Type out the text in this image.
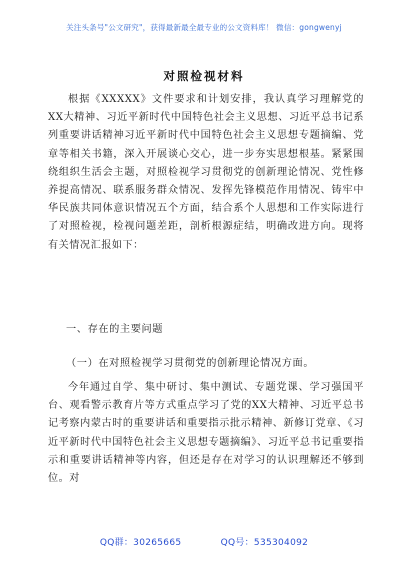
关注头条号"公文研究"，获得最新最全最专业的公文资料库！ 微信：gongwenyj
对照检视材料

根据《XXXXX》文件要求和计划安排，我认真学习理解党的XX大精神、习近平新时代中国特色社会主义思想、习近平总书记系列重要讲话精神习近平新时代中国特色社会主义思想专题摘编、党章等相关书籍，深入开展谈心交心，进一步夯实思想根基。紧紧围绕组织生活会主题，对照检视学习贯彻党的创新理论情况、党性修养提高情况、联系服务群众情况、发挥先锋模范作用情况、铸牢中华民族共同体意识情况五个方面，结合系个人思想和工作实际进行了对照检视，检视问题差距，剖析根源症结，明确改进方向。现将有关情况汇报如下：

一、存在的主要问题
（一）在对照检视学习贯彻党的创新理论情况方面。

今年通过自学、集中研讨、集中测试、专题党课、学习强国平台、观看警示教育片等方式重点学习了党的XX大精神、习近平总书记考察内蒙古时的重要讲话和重要指示批示精神、新修订党章、《习近平新时代中国特色社会主义思想专题摘编》、习近平总书记重要指示和重要讲话精神等内容，但还是存在对学习的认识理解还不够到位。对

QQ群：30265665	QQ号：535304092
